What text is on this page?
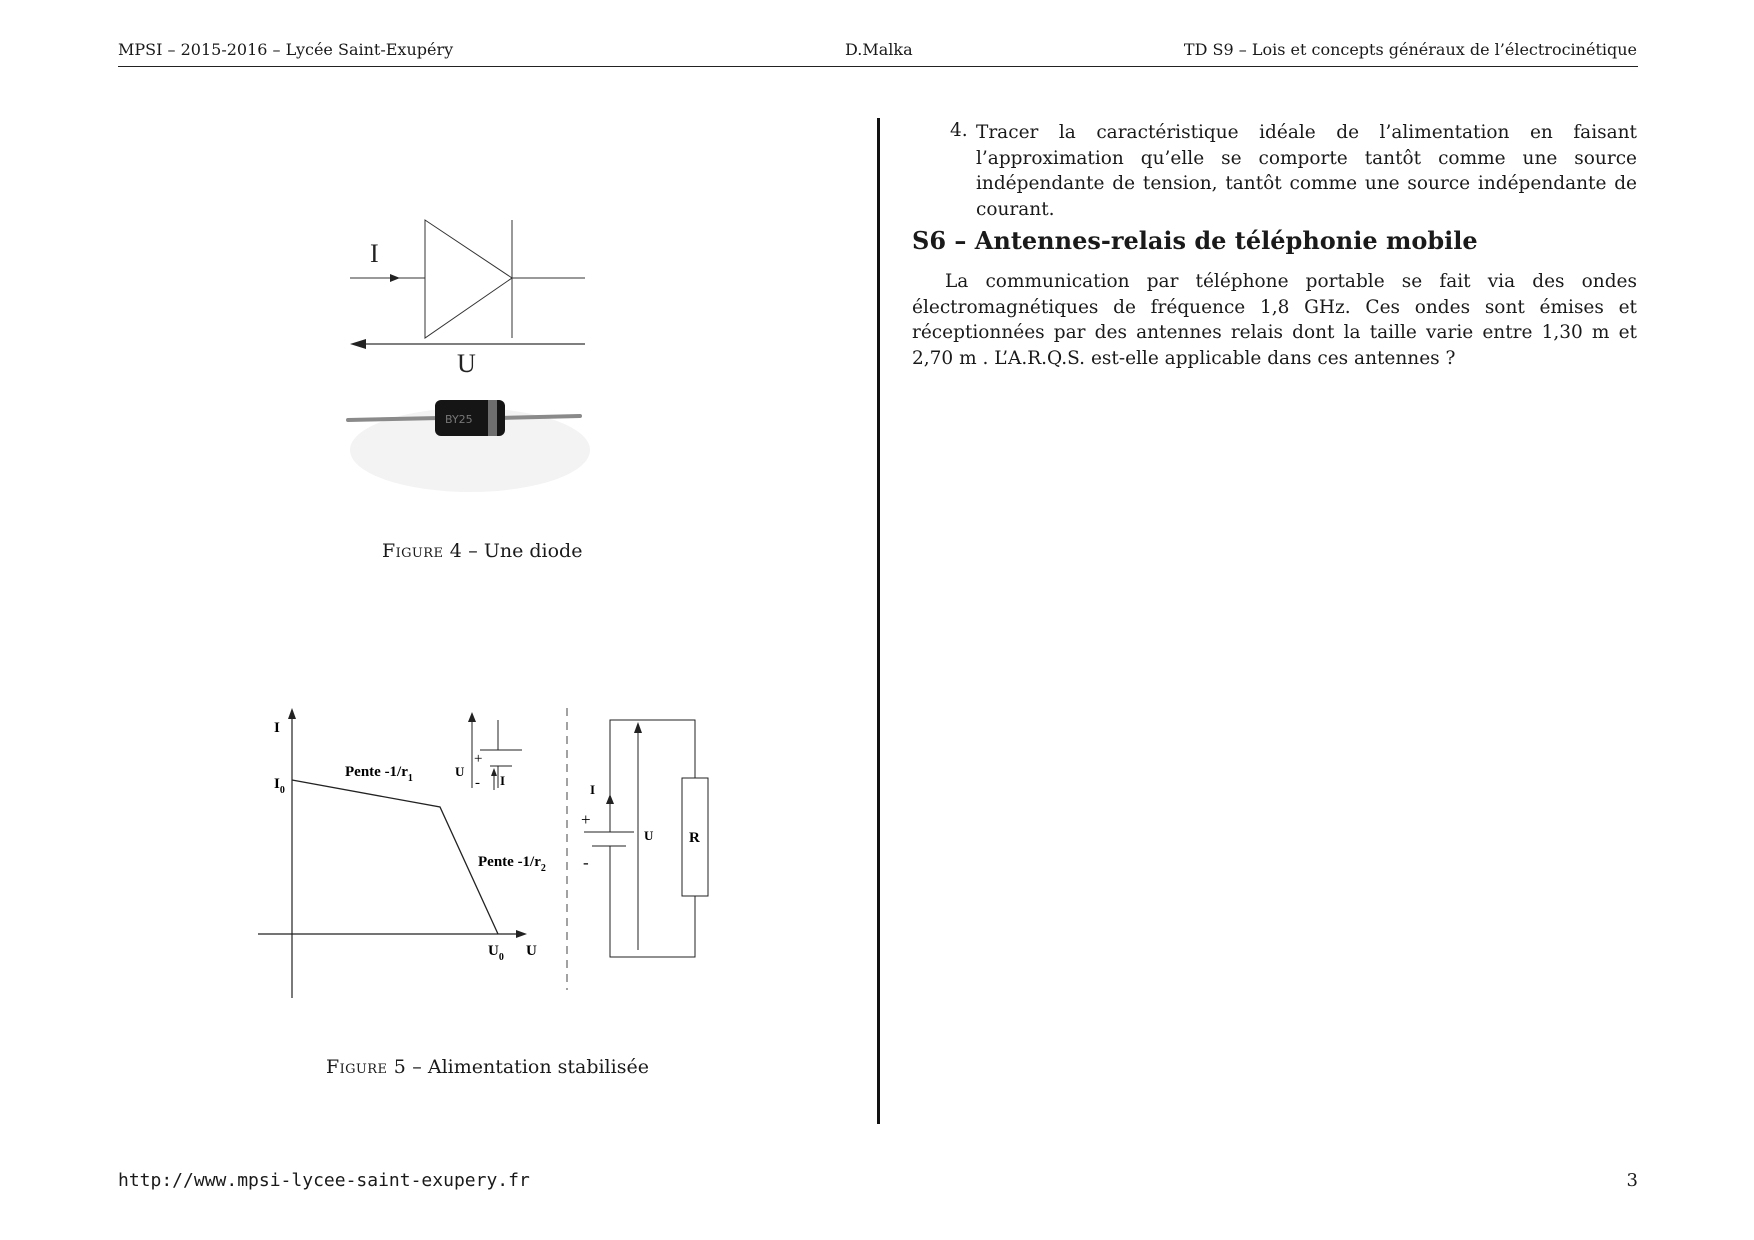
MPSI – 2015-2016 – Lycée Saint-Exupéry	D.Malka	TD S9 – Lois et concepts généraux de l’électrocinétique
I
U
BY25
Figure 4 – Une diode
I
U
$I_0$
$U_0$
Pente $-1/r_1$
Pente $-1/r_2$
U
+
- I
I
+
-
U R
Figure 5 – Alimentation stabilisée
4. Tracer la caractéristique idéale de l’alimentation en faisant l’approximation qu’elle se comporte tantôt comme une source indépendante de tension, tantôt comme une source indépendante de courant.
S6 – Antennes-relais de téléphonie mobile
La communication par téléphone portable se fait via des ondes électromagnétiques de fréquence 1,8 GHz. Ces ondes sont émises et réceptionnées par des antennes relais dont la taille varie entre 1,30 m et 2,70 m . L’A.R.Q.S. est-elle applicable dans ces antennes ?
http://www.mpsi-lycee-saint-exupery.fr	3
